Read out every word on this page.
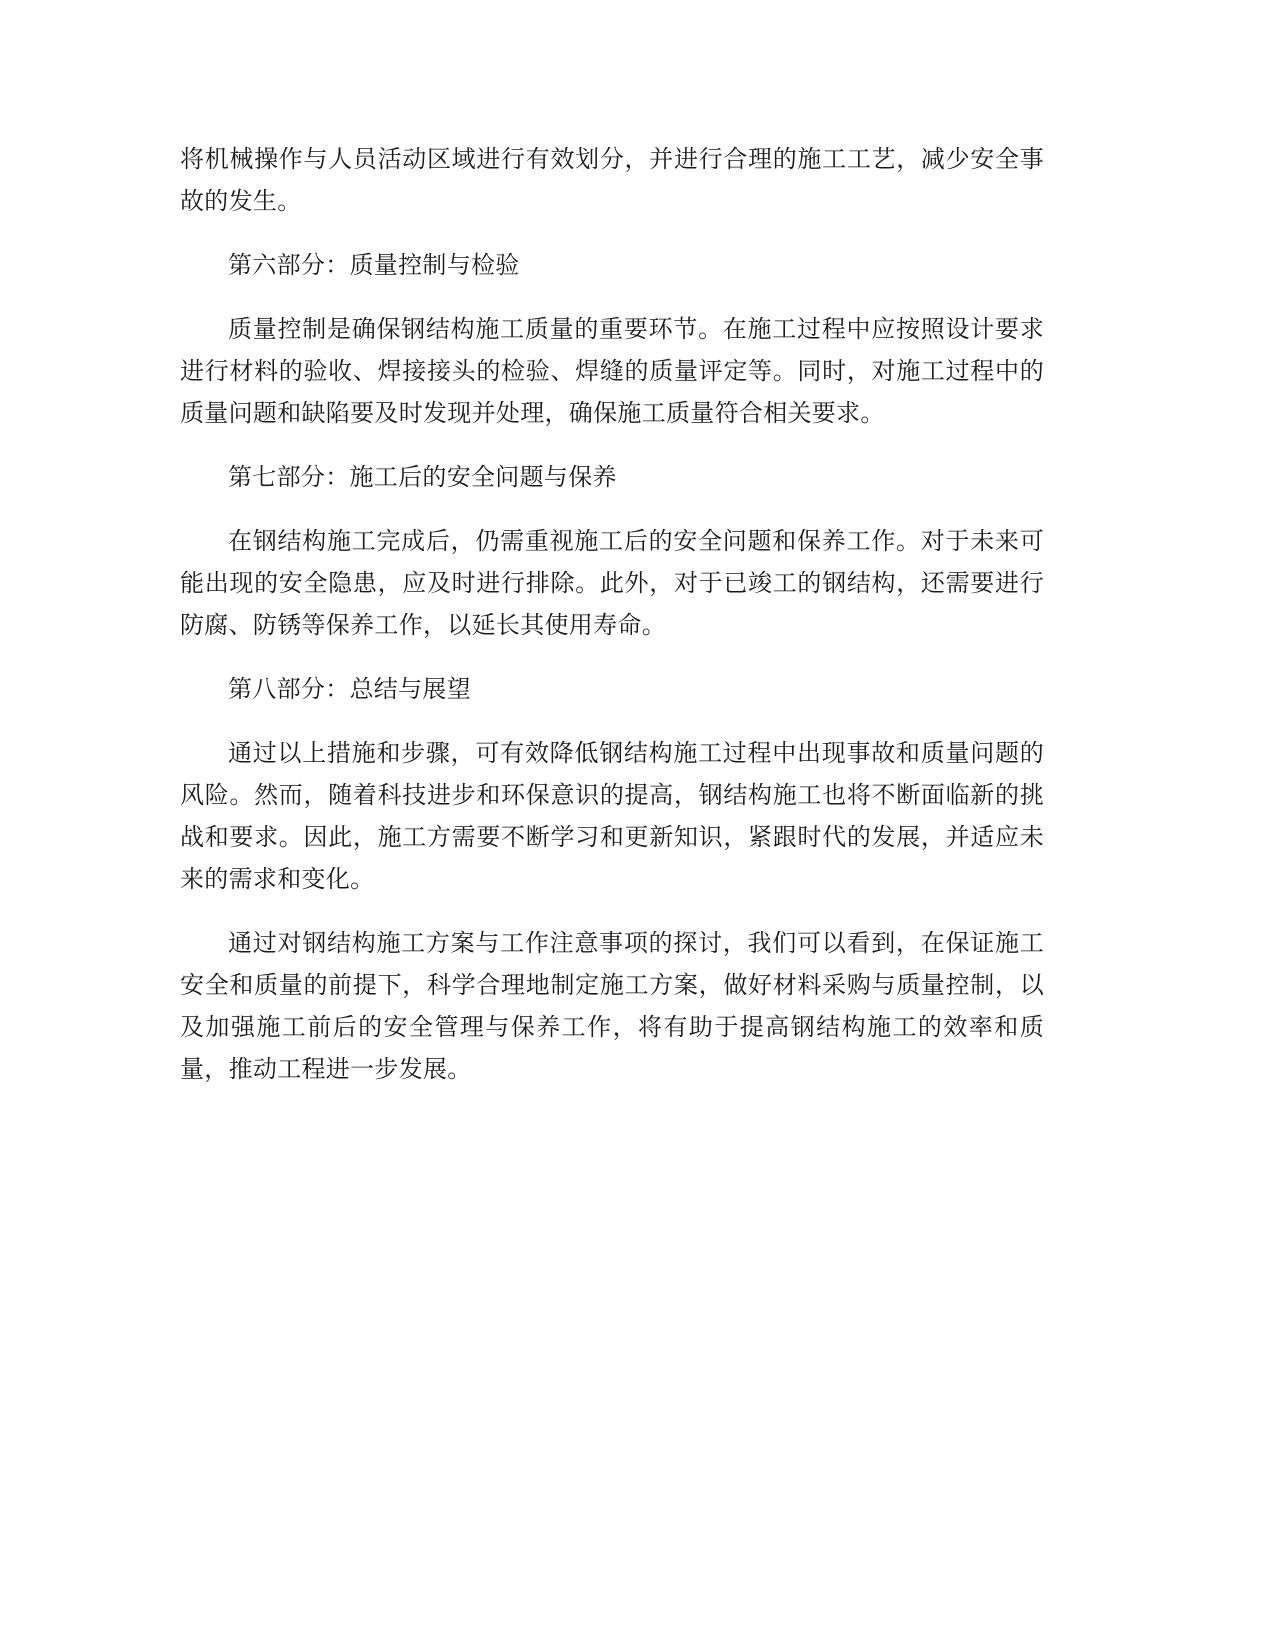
将机械操作与人员活动区域进行有效划分，并进行合理的施工工艺，减少安全事故的发生。

第六部分：质量控制与检验

质量控制是确保钢结构施工质量的重要环节。在施工过程中应按照设计要求进行材料的验收、焊接接头的检验、焊缝的质量评定等。同时，对施工过程中的质量问题和缺陷要及时发现并处理，确保施工质量符合相关要求。

第七部分：施工后的安全问题与保养

在钢结构施工完成后，仍需重视施工后的安全问题和保养工作。对于未来可能出现的安全隐患，应及时进行排除。此外，对于已竣工的钢结构，还需要进行防腐、防锈等保养工作，以延长其使用寿命。

第八部分：总结与展望

通过以上措施和步骤，可有效降低钢结构施工过程中出现事故和质量问题的风险。然而，随着科技进步和环保意识的提高，钢结构施工也将不断面临新的挑战和要求。因此，施工方需要不断学习和更新知识，紧跟时代的发展，并适应未来的需求和变化。

通过对钢结构施工方案与工作注意事项的探讨，我们可以看到，在保证施工安全和质量的前提下，科学合理地制定施工方案，做好材料采购与质量控制，以及加强施工前后的安全管理与保养工作，将有助于提高钢结构施工的效率和质量，推动工程进一步发展。
